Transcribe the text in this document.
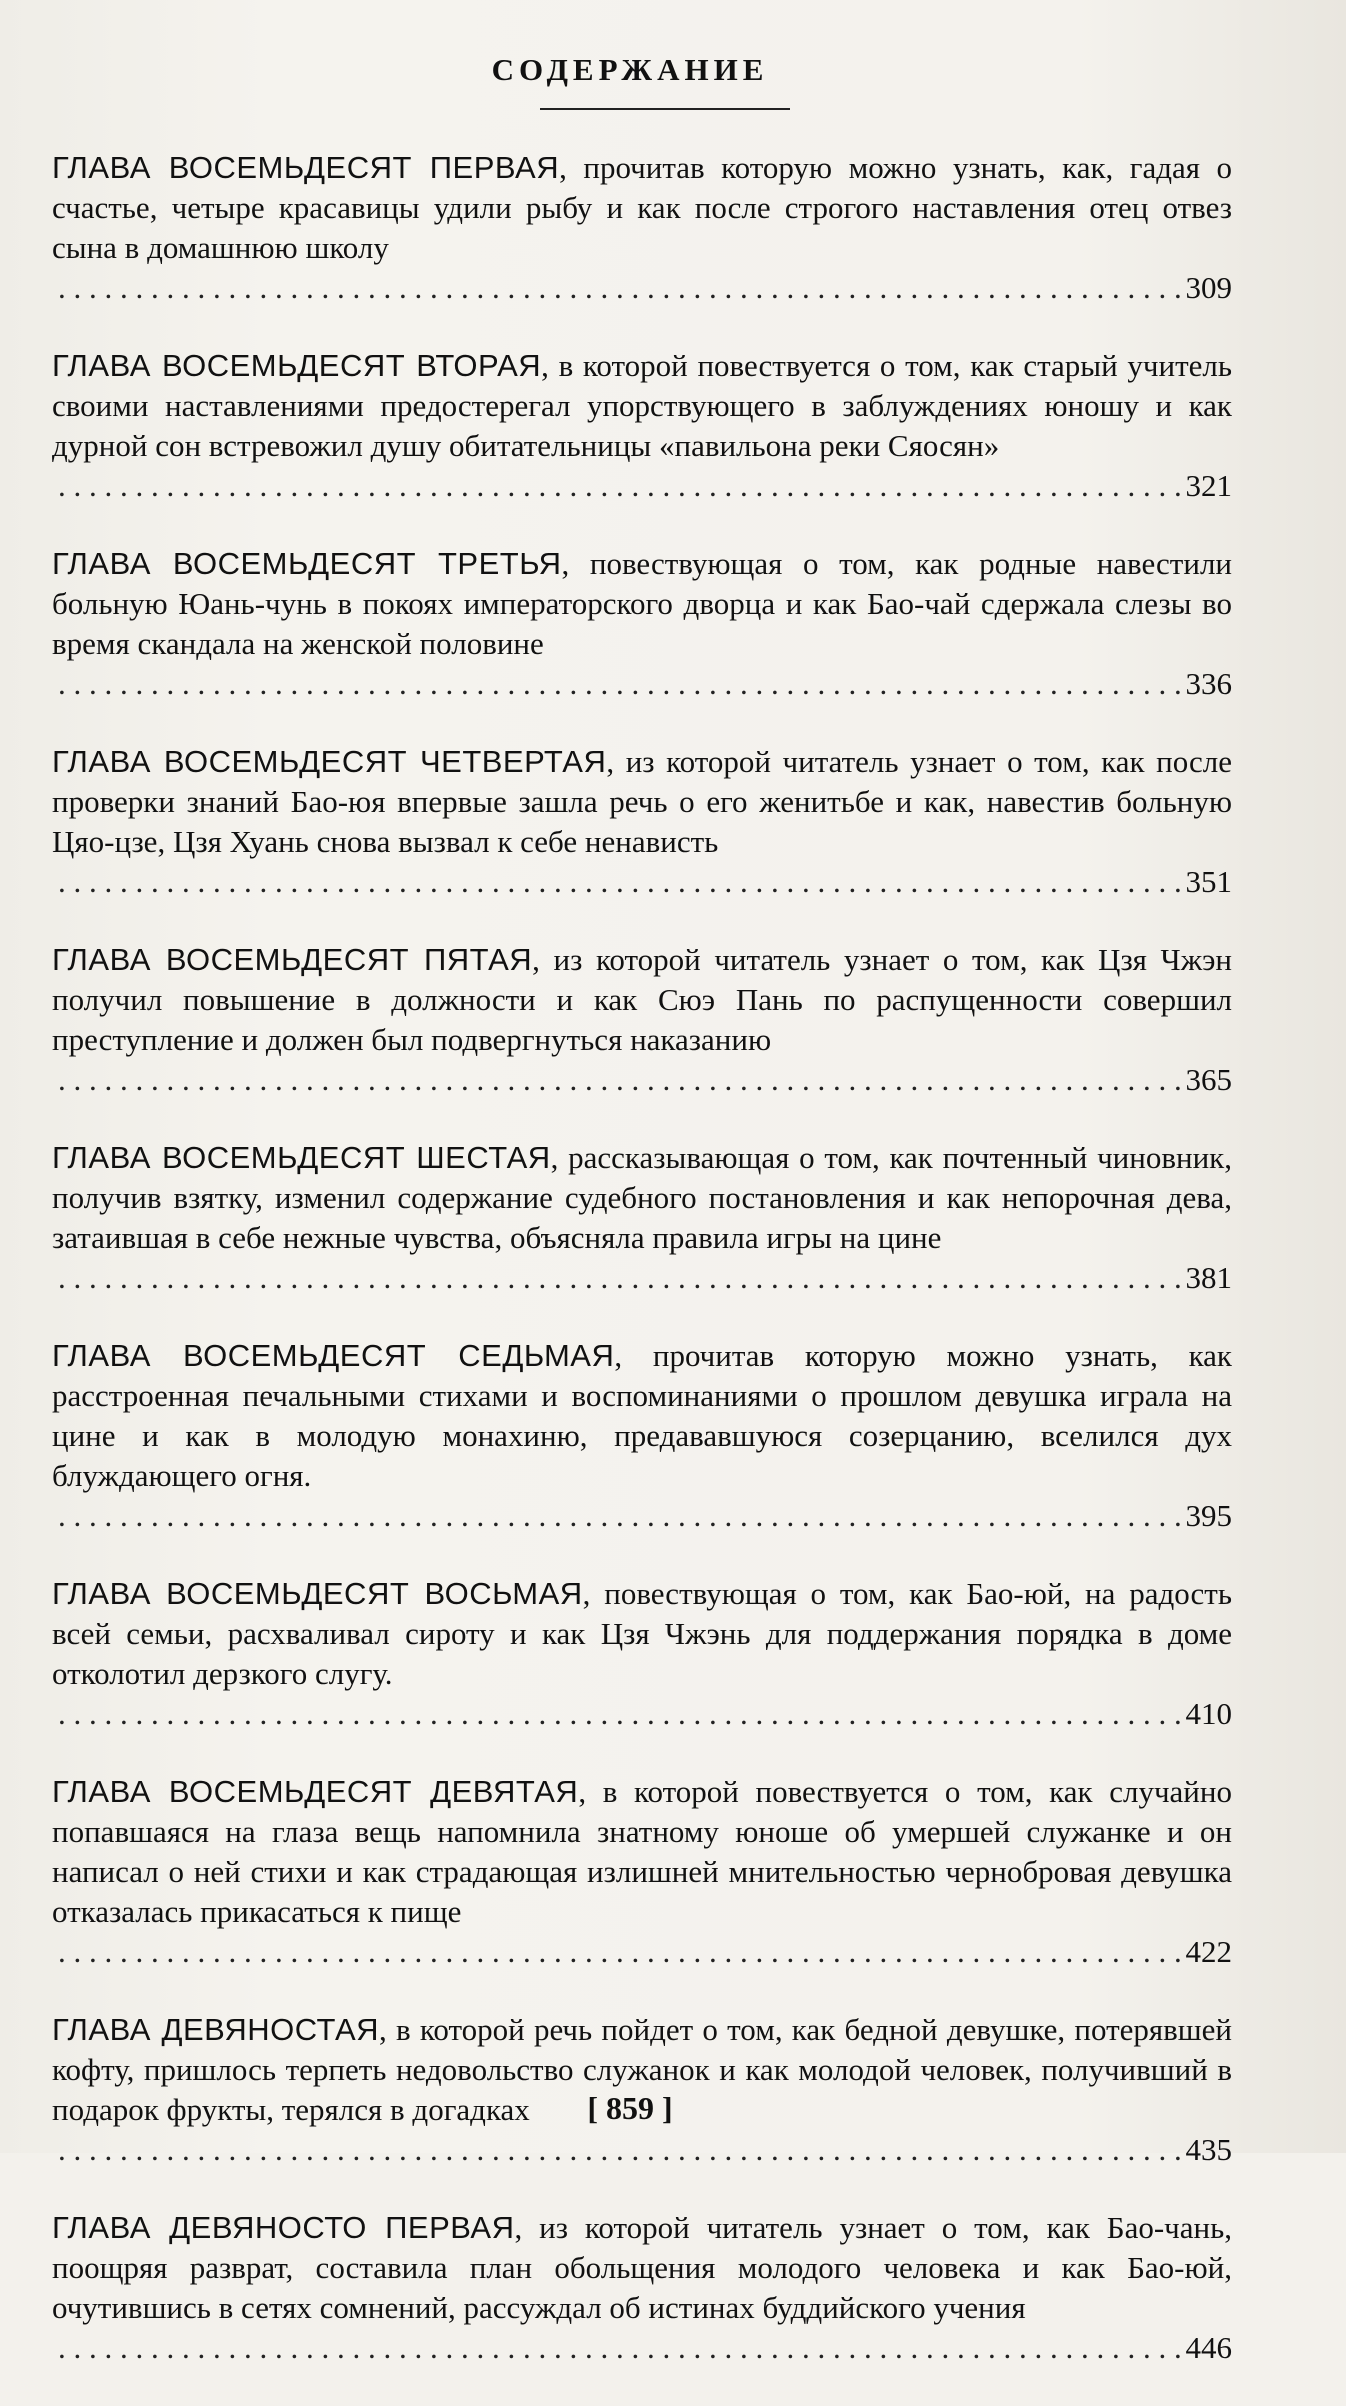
СОДЕРЖАНИЕ
ГЛАВА ВОСЕМЬДЕСЯТ ПЕРВАЯ, прочитав которую можно узнать, как, гадая о счастье, четыре красавицы удили рыбу и как после строгого наставления отец отвез сына в домашнюю школу
. . .
309
ГЛАВА ВОСЕМЬДЕСЯТ ВТОРАЯ, в которой повествуется о том, как старый учитель своими наставлениями предостерегал упорствующего в заблуждениях юношу и как дурной сон встревожил душу обитательницы «павильона реки Сяосян»
. . .
321
ГЛАВА ВОСЕМЬДЕСЯТ ТРЕТЬЯ, повествующая о том, как родные навестили больную Юань-чунь в покоях императорского дворца и как Бао-чай сдержала слезы во время скандала на женской половине
. . .
336
ГЛАВА ВОСЕМЬДЕСЯТ ЧЕТВЕРТАЯ, из которой читатель узнает о том, как после проверки знаний Бао-юя впервые зашла речь о его женитьбе и как, навестив больную Цяо-цзе, Цзя Хуань снова вызвал к себе ненависть
. . .
351
ГЛАВА ВОСЕМЬДЕСЯТ ПЯТАЯ, из которой читатель узнает о том, как Цзя Чжэн получил повышение в должности и как Сюэ Пань по распущенности совершил преступление и должен был подвергнуться наказанию
. . .
365
ГЛАВА ВОСЕМЬДЕСЯТ ШЕСТАЯ, рассказывающая о том, как почтенный чиновник, получив взятку, изменил содержание судебного постановления и как непорочная дева, затаившая в себе нежные чувства, объясняла правила игры на цине
. . .
381
ГЛАВА ВОСЕМЬДЕСЯТ СЕДЬМАЯ, прочитав которую можно узнать, как расстроенная печальными стихами и воспоминаниями о прошлом девушка играла на цине и как в молодую монахиню, предававшуюся созерцанию, вселился дух блуждающего огня.
. . .
395
ГЛАВА ВОСЕМЬДЕСЯТ ВОСЬМАЯ, повествующая о том, как Бао-юй, на радость всей семьи, расхваливал сироту и как Цзя Чжэнь для поддержания порядка в доме отколотил дерзкого слугу.
. . .
410
ГЛАВА ВОСЕМЬДЕСЯТ ДЕВЯТАЯ, в которой повествуется о том, как случайно попавшаяся на глаза вещь напомнила знатному юноше об умершей служанке и он написал о ней стихи и как страдающая излишней мнительностью чернобровая девушка отказалась прикасаться к пище
. . .
422
ГЛАВА ДЕВЯНОСТАЯ, в которой речь пойдет о том, как бедной девушке, потерявшей кофту, пришлось терпеть недовольство служанок и как молодой человек, получивший в подарок фрукты, терялся в догадках
. . .
435
ГЛАВА ДЕВЯНОСТО ПЕРВАЯ, из которой читатель узнает о том, как Бао-чань, поощряя разврат, составила план обольщения молодого человека и как Бао-юй, очутившись в сетях сомнений, рассуждал об истинах буддийского учения
. . .
446
[ 859 ]
